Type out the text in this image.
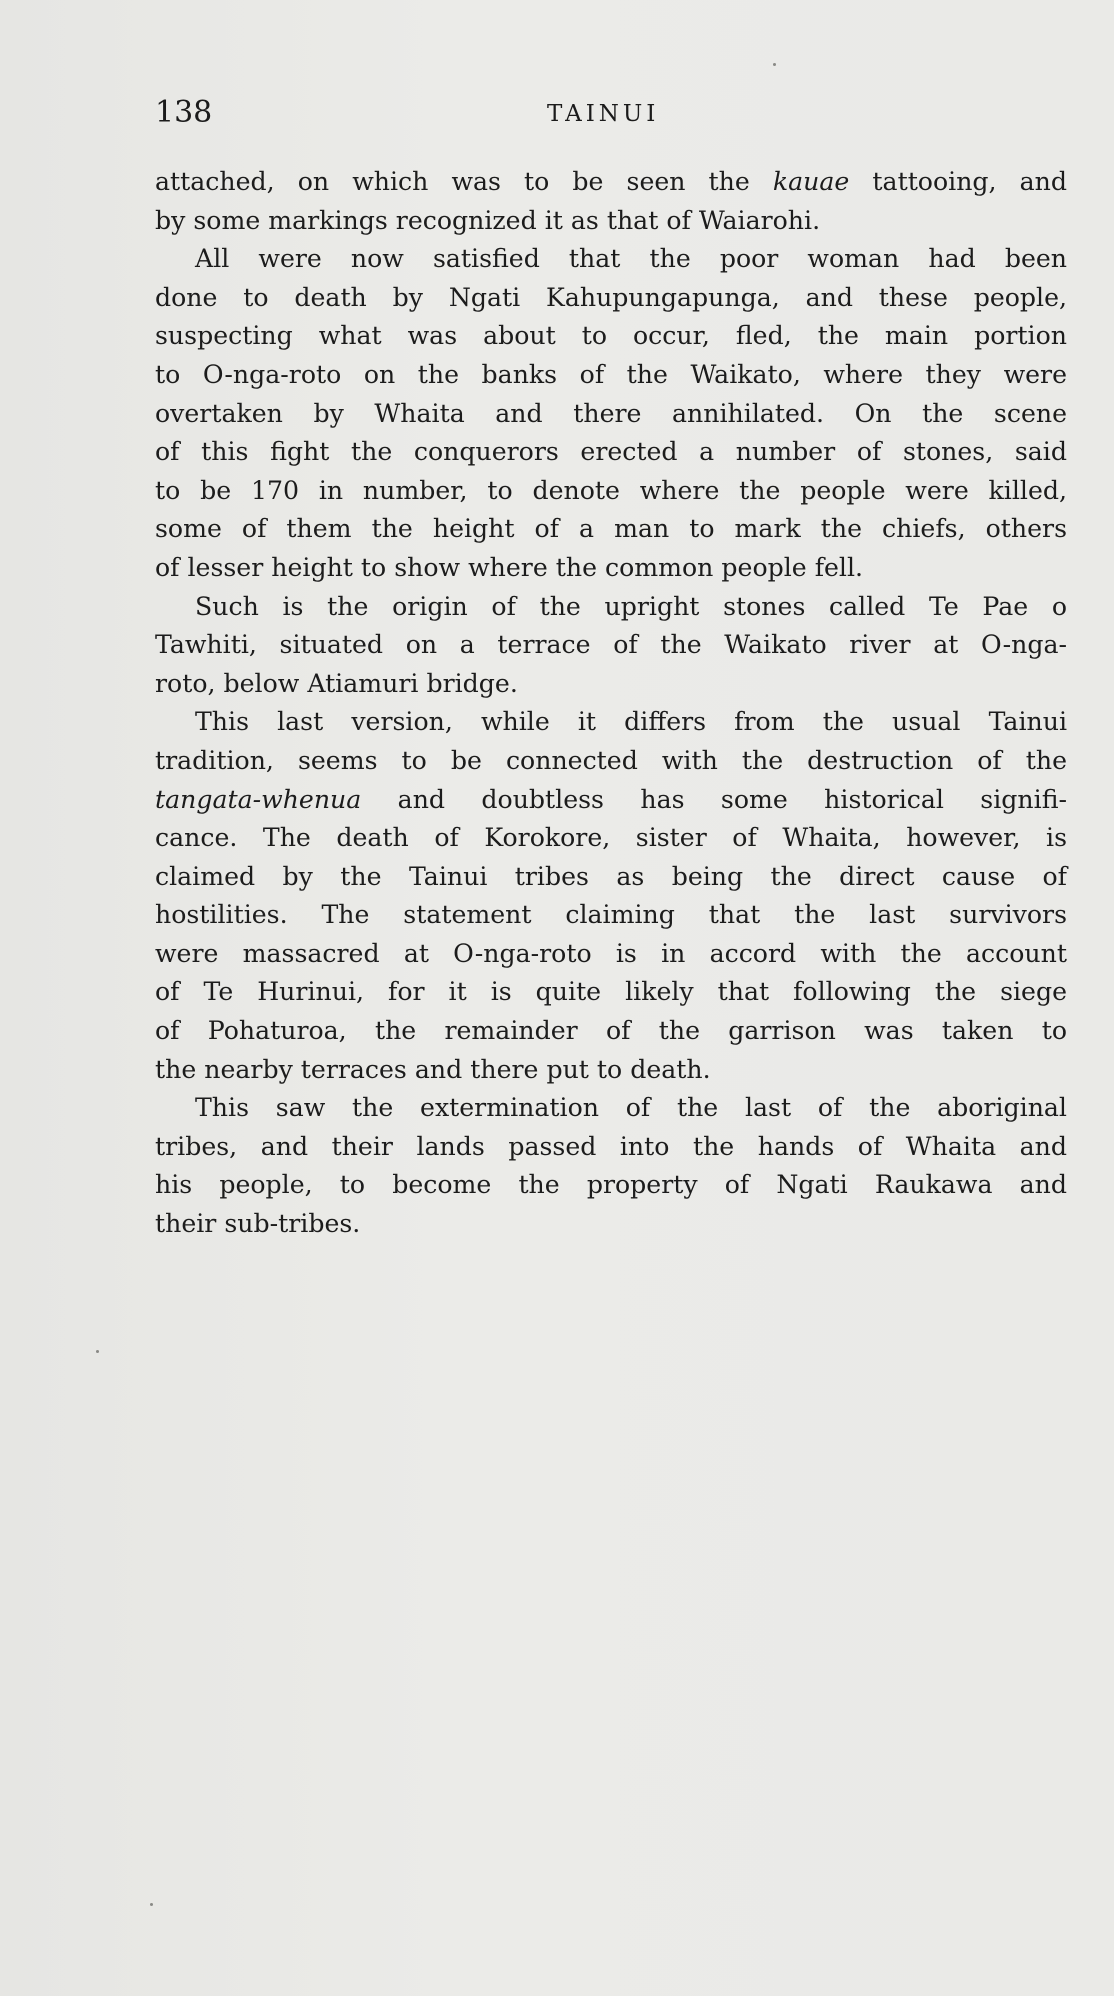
138	TAINUI
attached, on which was to be seen the kauae tattooing, and
by some markings recognized it as that of Waiarohi.
All were now satisfied that the poor woman had been
done to death by Ngati Kahupungapunga, and these people,
suspecting what was about to occur, fled, the main portion
to O-nga-roto on the banks of the Waikato, where they were
overtaken by Whaita and there annihilated. On the scene
of this fight the conquerors erected a number of stones, said
to be 170 in number, to denote where the people were killed,
some of them the height of a man to mark the chiefs, others
of lesser height to show where the common people fell.
Such is the origin of the upright stones called Te Pae o
Tawhiti, situated on a terrace of the Waikato river at O-nga-
roto, below Atiamuri bridge.
This last version, while it differs from the usual Tainui
tradition, seems to be connected with the destruction of the
tangata-whenua and doubtless has some historical signifi-
cance. The death of Korokore, sister of Whaita, however, is
claimed by the Tainui tribes as being the direct cause of
hostilities. The statement claiming that the last survivors
were massacred at O-nga-roto is in accord with the account
of Te Hurinui, for it is quite likely that following the siege
of Pohaturoa, the remainder of the garrison was taken to
the nearby terraces and there put to death.
This saw the extermination of the last of the aboriginal
tribes, and their lands passed into the hands of Whaita and
his people, to become the property of Ngati Raukawa and
their sub-tribes.
